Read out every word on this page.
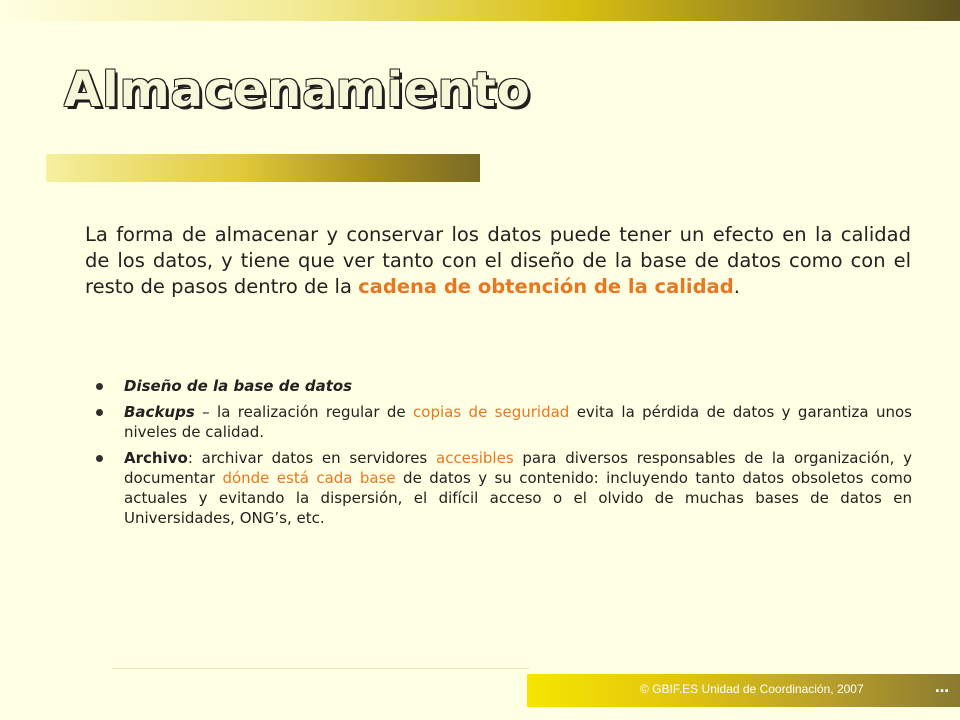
Almacenamiento

La forma de almacenar y conservar los datos puede tener un efecto en la calidad de los datos, y tiene que ver tanto con el diseño de la base de datos como con el resto de pasos dentro de la cadena de obtención de la calidad.

Diseño de la base de datos
Backups – la realización regular de copias de seguridad evita la pérdida de datos y garantiza unos niveles de calidad.
Archivo: archivar datos en servidores accesibles para diversos responsables de la organización, y documentar dónde está cada base de datos y su contenido: incluyendo tanto datos obsoletos como actuales y evitando la dispersión, el difícil acceso o el olvido de muchas bases de datos en Universidades, ONG’s, etc.
© GBIF.ES Unidad de Coordinación, 2007	…
